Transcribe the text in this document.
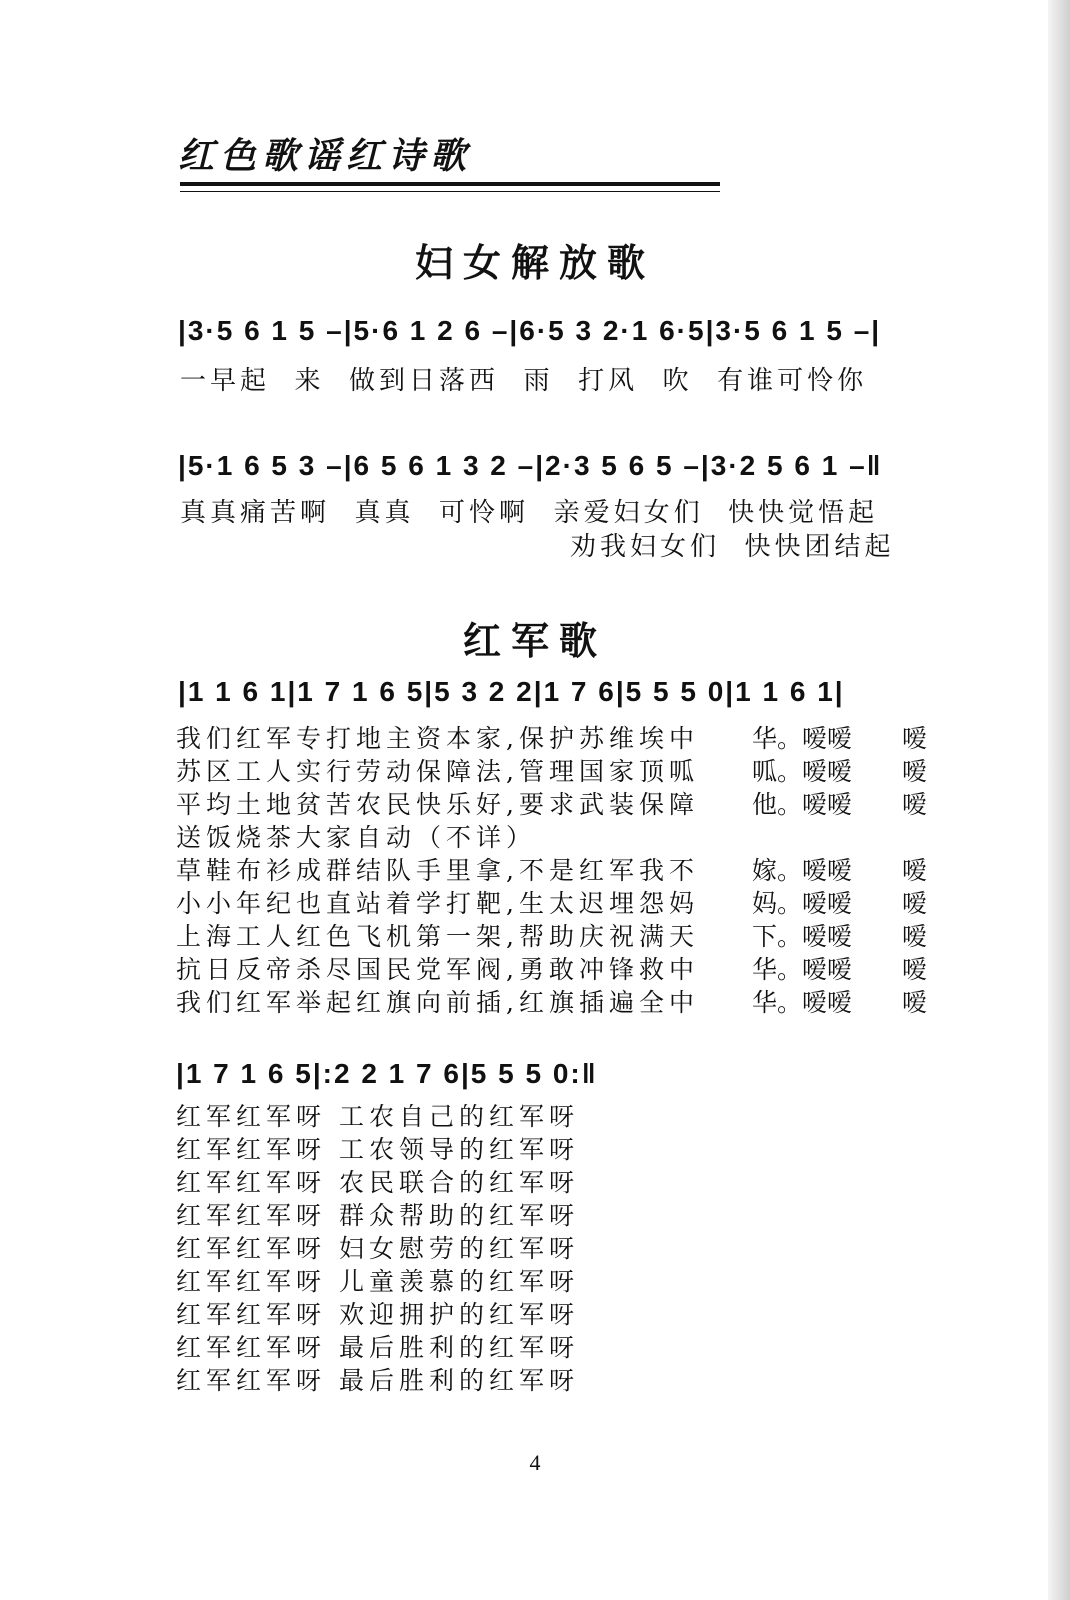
红色歌谣红诗歌
妇女解放歌
|3·5 6 1 5 –|5·6 1 2 6 –|6·5 3 2·1 6·5|3·5 6 1 5 –|
一早起  来  做到日落西  雨  打风  吹  有谁可怜你
|5·1 6 5 3 –|6 5 6 1 3 2 –|2·3 5 6 5 –|3·2 5 6 1 –‖
真真痛苦啊  真真  可怜啊  亲爱妇女们  快快觉悟起
劝我妇女们  快快团结起
红军歌
|1 1 6 1|1 7 1 6 5|5 3 2 2|1 7 6|5 5 5 0|1 1 6 1|
我们红军专打地主资本家,保护苏维埃中
苏区工人实行劳动保障法,管理国家顶呱
平均土地贫苦农民快乐好,要求武装保障
送饭烧茶大家自动（不详）
草鞋布衫成群结队手里拿,不是红军我不
小小年纪也直站着学打靶,生太迟埋怨妈
上海工人红色飞机第一架,帮助庆祝满天
抗日反帝杀尽国民党军阀,勇敢冲锋救中
我们红军举起红旗向前插,红旗插遍全中
华。嗳嗳
呱。嗳嗳
他。嗳嗳
嫁。嗳嗳
妈。嗳嗳
下。嗳嗳
华。嗳嗳
华。嗳嗳
嗳
嗳
嗳
嗳
嗳
嗳
嗳
嗳
|1 7 1 6 5|:2 2 1 7 6|5 5 5 0:‖
红军红军呀 工农自己的红军呀
红军红军呀 工农领导的红军呀
红军红军呀 农民联合的红军呀
红军红军呀 群众帮助的红军呀
红军红军呀 妇女慰劳的红军呀
红军红军呀 儿童羡慕的红军呀
红军红军呀 欢迎拥护的红军呀
红军红军呀 最后胜利的红军呀
红军红军呀 最后胜利的红军呀
4
